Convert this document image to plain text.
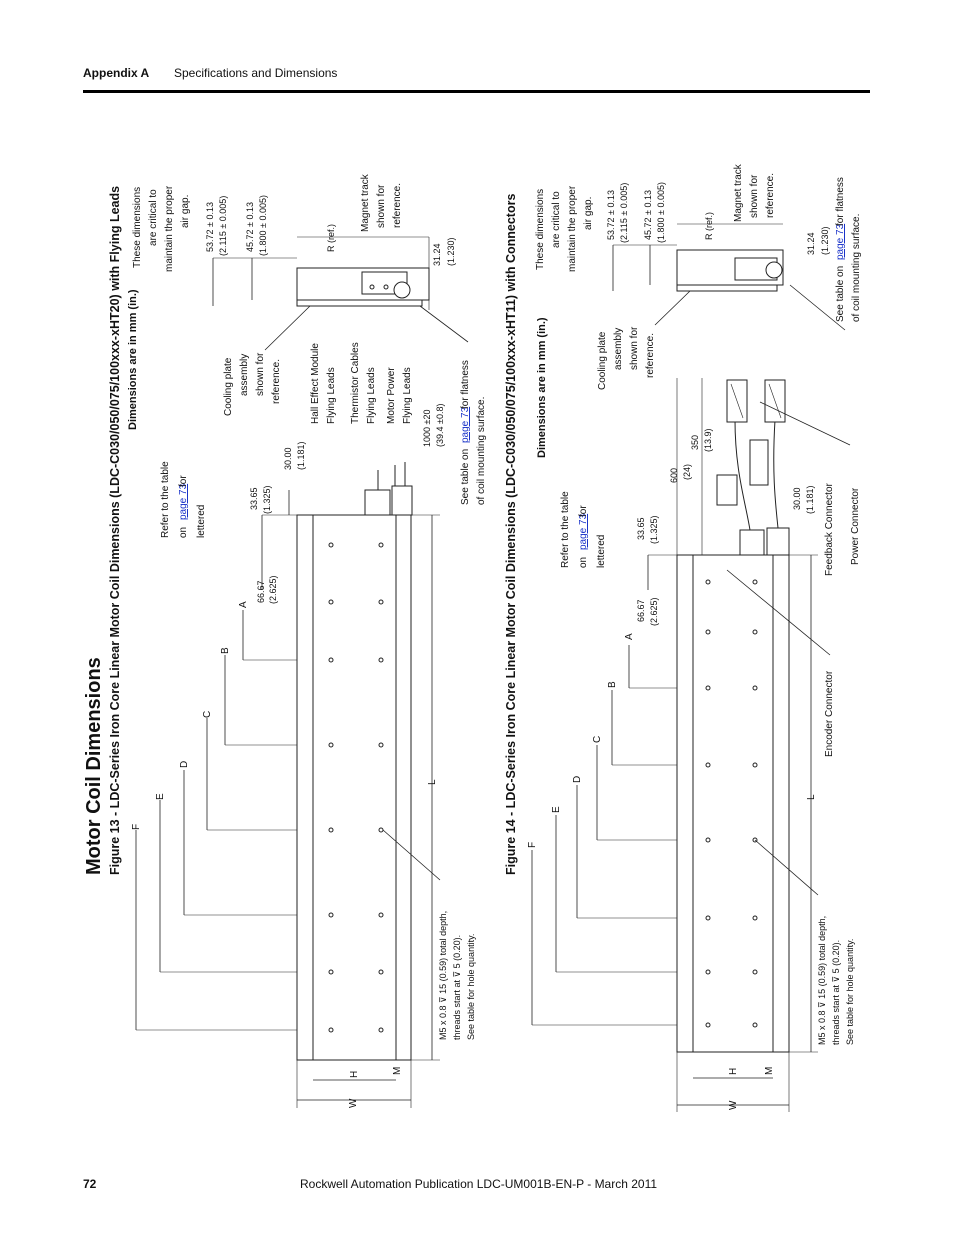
Appendix A Specifications and Dimensions
Motor Coil Dimensions Figure 13 - LDC-Series Iron Core Linear Motor Coil Dimensions (LDC-C030/050/075/100xxx-xHT20) with Flying Leads Dimensions are in mm (in.)
Refer to the table on
page 73
for
lettered
F
E
D
C
B
A
L
H	M
W
66.67 (2.625)
33.65 (1.325)
30.00 (1.181)
Hall Effect Module Flying Leads Thermistor Cables Flying Leads Motor Power Flying Leads
1000 ±20 (39.4 ±0.8)
Cooling plate assembly shown for reference.
These dimensions are critical to maintain the proper air gap. 53.72 ± 0.13 (2.115 ± 0.005) 45.72 ± 0.13 (1.800 ± 0.005)	R (ref.)
Magnet track shown for reference.
31.24 (1.230)
See table on
page 73
for flatness
of coil mounting surface.
M5 x 0.8 ⊽ 15 (0.59) total depth, threads start at ⊽ 5 (0.20). See table for hole quantity.
Figure 14 - LDC-Series Iron Core Linear Motor Coil Dimensions (LDC-C030/050/075/100xxx-xHT11) with Connectors Dimensions are in mm (in.)
Refer to the table on
page 73
for
lettered
F
E
D
C
B
A
L
H	M
W
66.67 (2.625)
33.65 (1.325)
30.00 (1.181)
600 (24)
350 (13.9)
Feedback Connector Power Connector
Encoder Connector
Cooling plate assembly shown for reference.
These dimensions are critical to maintain the proper air gap. 53.72 ± 0.13 (2.115 ± 0.005) 45.72 ± 0.13 (1.800 ± 0.005)	R (ref.)
Magnet track shown for reference.
31.24 (1.230)
See table on
page 73
for flatness
of coil mounting surface.
M5 x 0.8 ⊽ 15 (0.59) total depth, threads start at ⊽ 5 (0.20). See table for hole quantity.
72	Rockwell Automation Publication LDC-UM001B-EN-P - March 2011
